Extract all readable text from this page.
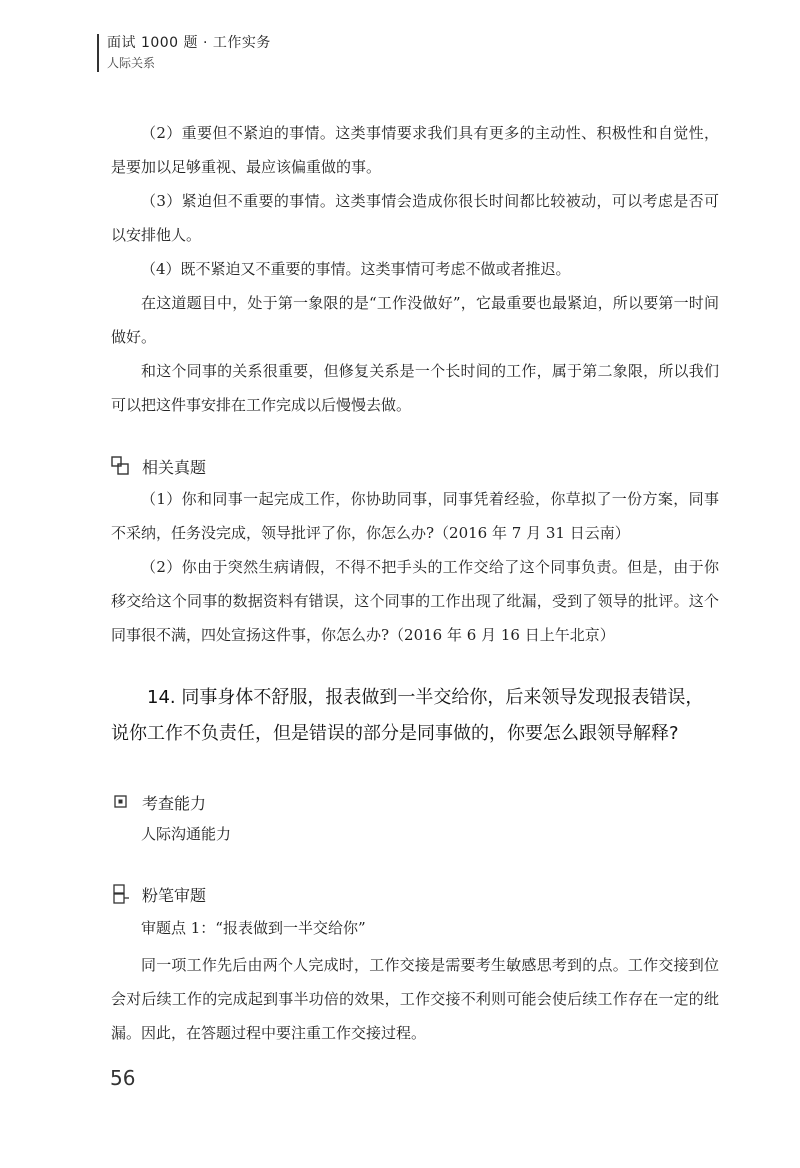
面试 1000 题 · 工作实务
人际关系

（2）重要但不紧迫的事情。这类事情要求我们具有更多的主动性、积极性和自觉性，是要加以足够重视、最应该偏重做的事。

（3）紧迫但不重要的事情。这类事情会造成你很长时间都比较被动，可以考虑是否可以安排他人。

（4）既不紧迫又不重要的事情。这类事情可考虑不做或者推迟。

在这道题目中，处于第一象限的是“工作没做好”，它最重要也最紧迫，所以要第一时间做好。

和这个同事的关系很重要，但修复关系是一个长时间的工作，属于第二象限，所以我们可以把这件事安排在工作完成以后慢慢去做。

相关真题

（1）你和同事一起完成工作，你协助同事，同事凭着经验，你草拟了一份方案，同事不采纳，任务没完成，领导批评了你，你怎么办?（2016 年 7 月 31 日云南）

（2）你由于突然生病请假，不得不把手头的工作交给了这个同事负责。但是，由于你移交给这个同事的数据资料有错误，这个同事的工作出现了纰漏，受到了领导的批评。这个同事很不满，四处宣扬这件事，你怎么办?（2016 年 6 月 16 日上午北京）

14. 同事身体不舒服，报表做到一半交给你，后来领导发现报表错误，说你工作不负责任，但是错误的部分是同事做的，你要怎么跟领导解释?

考查能力

人际沟通能力

粉笔审题

审题点 1：“报表做到一半交给你”

同一项工作先后由两个人完成时，工作交接是需要考生敏感思考到的点。工作交接到位会对后续工作的完成起到事半功倍的效果，工作交接不利则可能会使后续工作存在一定的纰漏。因此，在答题过程中要注重工作交接过程。

56
